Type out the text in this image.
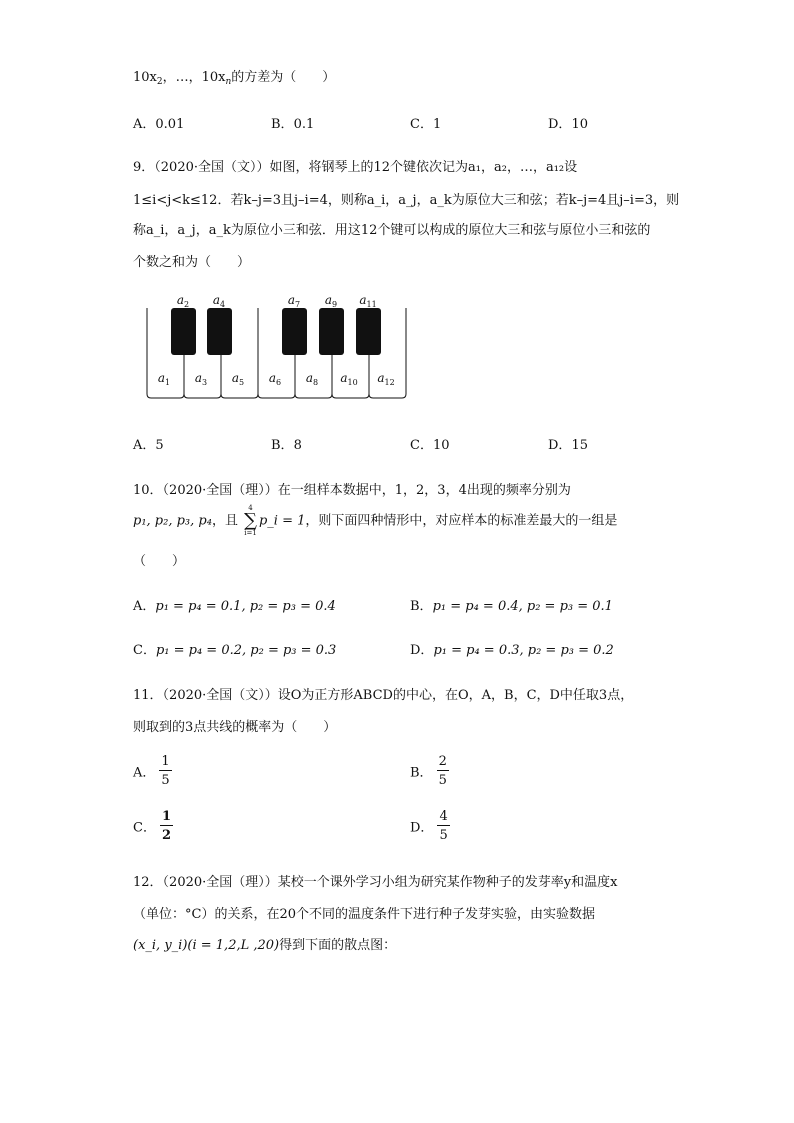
$10x_2$，…，$10x_n$的方差为（　　）
A．0.01	B．0.1	C．1	D．10
9．（2020·全国（文））如图，将钢琴上的12个键依次记为a₁，a₂，…，a₁₂设
1≤i<j<k≤12．若k–j=3且j–i=4，则称a_i，a_j，a_k为原位大三和弦；若k–j=4且j–i=3，则
称a_i，a_j，a_k为原位小三和弦．用这12个键可以构成的原位大三和弦与原位小三和弦的
个数之和为（　　）
$a_2$ $a_4$	$a_7$ $a_9$ $a_{11}$
$a_1$ $a_3$ $a_5$ $a_6$ $a_8$ $a_{10}$ $a_{12}$
A．5	B．8	C．10	D．15
10．（2020·全国（理））在一组样本数据中，1，2，3，4出现的频率分别为
p₁, p₂, p₃, p₄，且
4
∑
i=1
p_i = 1，则下面四种情形中，对应样本的标准差最大的一组是
（　　）
A．p₁ = p₄ = 0.1, p₂ = p₃ = 0.4	B．p₁ = p₄ = 0.4, p₂ = p₃ = 0.1
C．p₁ = p₄ = 0.2, p₂ = p₃ = 0.3	D．p₁ = p₄ = 0.3, p₂ = p₃ = 0.2
11．（2020·全国（文））设O为正方形ABCD的中心，在O，A，B，C，D中任取3点，
则取到的3点共线的概率为（　　）
A． $\frac{1}{5}$	B． $\frac{2}{5}$
C． $\frac{1}{2}$	D． $\frac{4}{5}$
12．（2020·全国（理））某校一个课外学习小组为研究某作物种子的发芽率y和温度x
（单位：°C）的关系，在20个不同的温度条件下进行种子发芽实验，由实验数据
(x_i, y_i)(i = 1,2,L ,20)得到下面的散点图：
